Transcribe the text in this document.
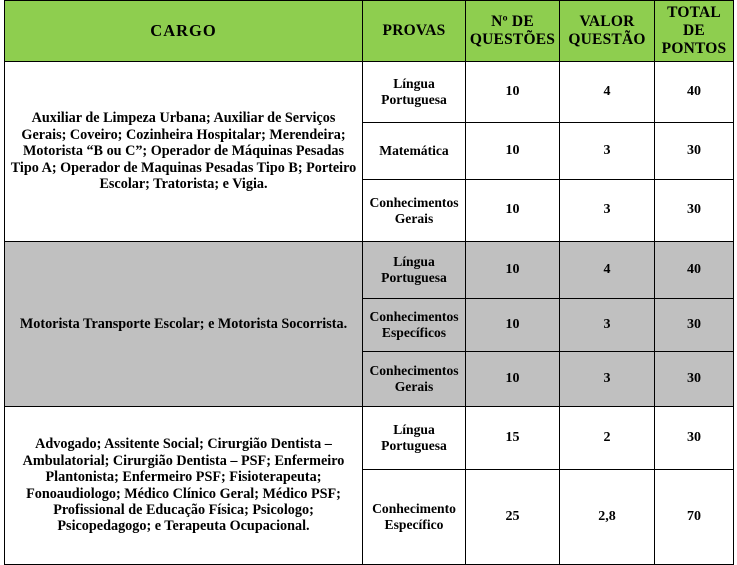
CARGO	PROVAS	Nº DE QUESTÕES	VALOR QUESTÃO	TOTAL DE PONTOS
Auxiliar de Limpeza Urbana; Auxiliar de Serviços Gerais; Coveiro; Cozinheira Hospitalar; Merendeira; Motorista “B ou C”; Operador de Máquinas Pesadas Tipo A; Operador de Maquinas Pesadas Tipo B; Porteiro Escolar; Tratorista; e Vigia.	Língua Portuguesa	10	4	40
	Matemática	10	3	30
	Conhecimentos Gerais	10	3	30
Motorista Transporte Escolar; e Motorista Socorrista.	Língua Portuguesa	10	4	40
	Conhecimentos Específicos	10	3	30
	Conhecimentos Gerais	10	3	30
Advogado; Assitente Social; Cirurgião Dentista – Ambulatorial; Cirurgião Dentista – PSF; Enfermeiro Plantonista; Enfermeiro PSF; Fisioterapeuta; Fonoaudiologo; Médico Clínico Geral; Médico PSF; Profissional de Educação Física; Psicologo; Psicopedagogo; e Terapeuta Ocupacional.	Língua Portuguesa	15	2	30
	Conhecimento Específico	25	2,8	70
